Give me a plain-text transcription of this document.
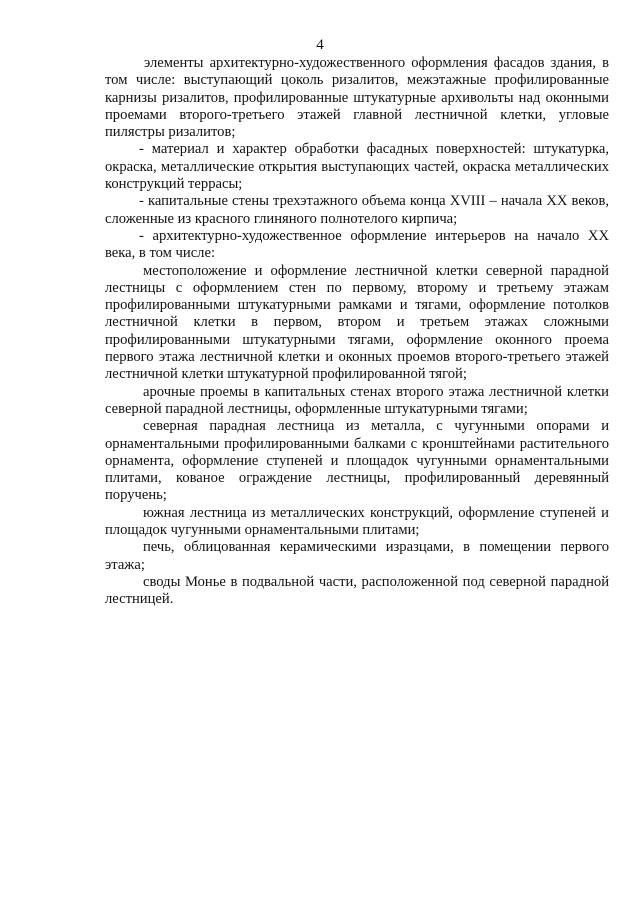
4

элементы архитектурно-художественного оформления фасадов здания, в том числе: выступающий цоколь ризалитов, межэтажные профилированные карнизы ризалитов, профилированные штукатурные архивольты над оконными проемами второго-третьего этажей главной лестничной клетки, угловые пилястры ризалитов;

- материал и характер обработки фасадных поверхностей: штукатурка, окраска, металлические открытия выступающих частей, окраска металлических конструкций террасы;

- капитальные стены трехэтажного объема конца XVIII – начала XX веков, сложенные из красного глиняного полнотелого кирпича;

- архитектурно-художественное оформление интерьеров на начало XX века, в том числе:

местоположение и оформление лестничной клетки северной парадной лестницы с оформлением стен по первому, второму и третьему этажам профилированными штукатурными рамками и тягами, оформление потолков лестничной клетки в первом, втором и третьем этажах сложными профилированными штукатурными тягами, оформление оконного проема первого этажа лестничной клетки и оконных проемов второго-третьего этажей лестничной клетки штукатурной профилированной тягой;

арочные проемы в капитальных стенах второго этажа лестничной клетки северной парадной лестницы, оформленные штукатурными тягами;

северная парадная лестница из металла, с чугунными опорами и орнаментальными профилированными балками с кронштейнами растительного орнамента, оформление ступеней и площадок чугунными орнаментальными плитами, кованое ограждение лестницы, профилированный деревянный поручень;

южная лестница из металлических конструкций, оформление ступеней и площадок чугунными орнаментальными плитами;

печь, облицованная керамическими изразцами, в помещении первого этажа;

своды Монье в подвальной части, расположенной под северной парадной лестницей.
